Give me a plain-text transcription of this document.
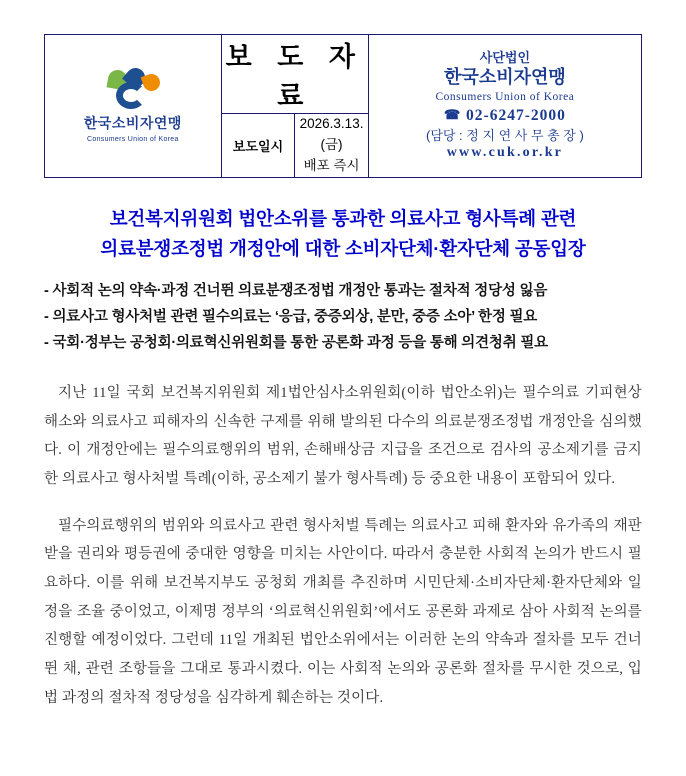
한국소비자연맹
Consumers Union of Korea

보 도 자 료

사단법인
한국소비자연맹
Consumers Union of Korea
☎ 02-6247-2000
(담당 : 정 지 연 사 무 총 장 )
www.cuk.or.kr

	보도일시	2026.3.13.(금)
배포 즉시	
보건복지위원회 법안소위를 통과한 의료사고 형사특례 관련
의료분쟁조정법 개정안에 대한 소비자단체·환자단체 공동입장
- 사회적 논의 약속·과정 건너뛴 의료분쟁조정법 개정안 통과는 절차적 정당성 잃음
- 의료사고 형사처벌 관련 필수의료는 ‘응급, 중증외상, 분만, 중증 소아’ 한정 필요
- 국회·정부는 공청회·의료혁신위원회를 통한 공론화 과정 등을 통해 의견청취 필요

지난 11일 국회 보건복지위원회 제1법안심사소위원회(이하 법안소위)는 필수의료 기피현상 해소와 의료사고 피해자의 신속한 구제를 위해 발의된 다수의 의료분쟁조정법 개정안을 심의했다. 이 개정안에는 필수의료행위의 범위, 손해배상금 지급을 조건으로 검사의 공소제기를 금지한 의료사고 형사처벌 특례(이하, 공소제기 불가 형사특례) 등 중요한 내용이 포함되어 있다.

필수의료행위의 범위와 의료사고 관련 형사처벌 특례는 의료사고 피해 환자와 유가족의 재판받을 권리와 평등권에 중대한 영향을 미치는 사안이다. 따라서 충분한 사회적 논의가 반드시 필요하다. 이를 위해 보건복지부도 공청회 개최를 추진하며 시민단체·소비자단체·환자단체와 일정을 조율 중이었고, 이제명 정부의 ‘의료혁신위원회’에서도 공론화 과제로 삼아 사회적 논의를 진행할 예정이었다. 그런데 11일 개최된 법안소위에서는 이러한 논의 약속과 절차를 모두 건너뛴 채, 관련 조항들을 그대로 통과시켰다. 이는 사회적 논의와 공론화 절차를 무시한 것으로, 입법 과정의 절차적 정당성을 심각하게 훼손하는 것이다.
